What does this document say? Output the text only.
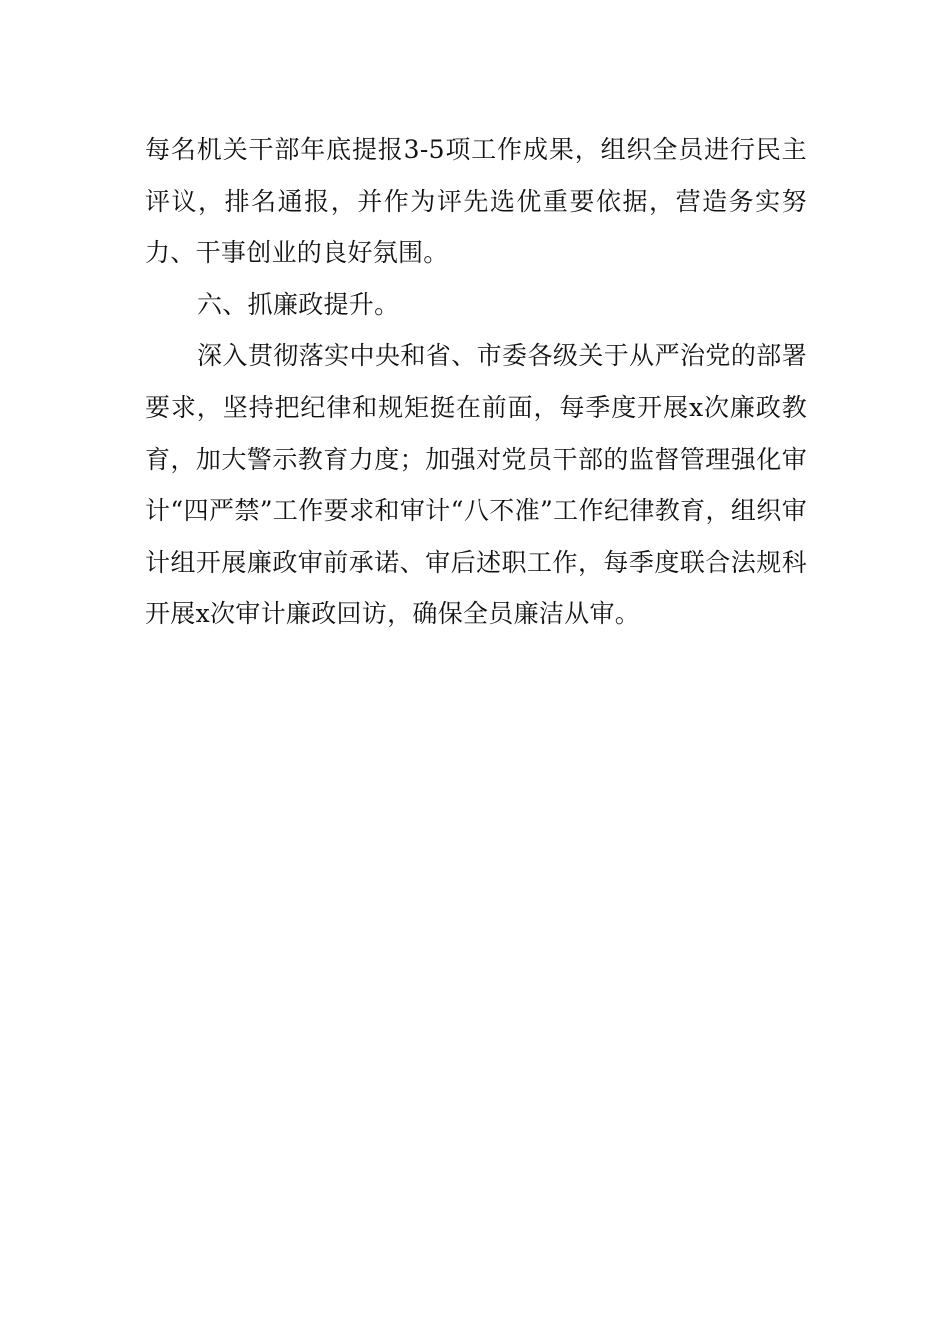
每名机关干部年底提报3-5项工作成果，组织全员进行民主评议，排名通报，并作为评先选优重要依据，营造务实努力、干事创业的良好氛围。

六、抓廉政提升。

深入贯彻落实中央和省、市委各级关于从严治党的部署要求，坚持把纪律和规矩挺在前面，每季度开展x次廉政教育，加大警示教育力度；加强对党员干部的监督管理强化审计“四严禁”工作要求和审计“八不准”工作纪律教育，组织审计组开展廉政审前承诺、审后述职工作，每季度联合法规科开展x次审计廉政回访，确保全员廉洁从审。
